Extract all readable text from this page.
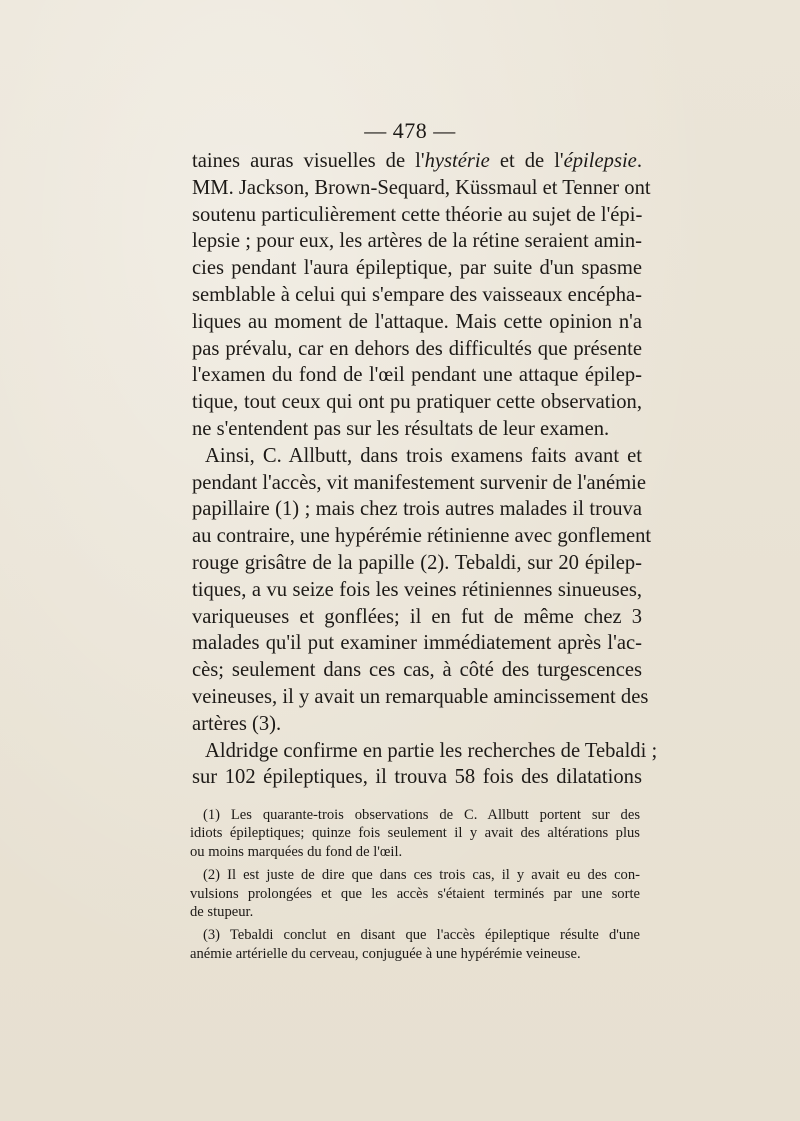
— 478 —
taines auras visuelles de l'hystérie et de l'épilepsie.
MM. Jackson, Brown-Sequard, Küssmaul et Tenner ont
soutenu particulièrement cette théorie au sujet de l'épi-
lepsie ; pour eux, les artères de la rétine seraient amin-
cies pendant l'aura épileptique, par suite d'un spasme
semblable à celui qui s'empare des vaisseaux encépha-
liques au moment de l'attaque. Mais cette opinion n'a
pas prévalu, car en dehors des difficultés que présente
l'examen du fond de l'œil pendant une attaque épilep-
tique, tout ceux qui ont pu pratiquer cette observation,
ne s'entendent pas sur les résultats de leur examen.
Ainsi, C. Allbutt, dans trois examens faits avant et
pendant l'accès, vit manifestement survenir de l'anémie
papillaire (1) ; mais chez trois autres malades il trouva
au contraire, une hypérémie rétinienne avec gonflement
rouge grisâtre de la papille (2). Tebaldi, sur 20 épilep-
tiques, a vu seize fois les veines rétiniennes sinueuses,
variqueuses et gonflées; il en fut de même chez 3
malades qu'il put examiner immédiatement après l'ac-
cès; seulement dans ces cas, à côté des turgescences
veineuses, il y avait un remarquable amincissement des
artères (3).
Aldridge confirme en partie les recherches de Tebaldi ;
sur 102 épileptiques, il trouva 58 fois des dilatations
(1) Les quarante-trois observations de C. Allbutt portent sur des
idiots épileptiques; quinze fois seulement il y avait des altérations plus
ou moins marquées du fond de l'œil.
(2) Il est juste de dire que dans ces trois cas, il y avait eu des con-
vulsions prolongées et que les accès s'étaient terminés par une sorte
de stupeur.
(3) Tebaldi conclut en disant que l'accès épileptique résulte d'une
anémie artérielle du cerveau, conjuguée à une hypérémie veineuse.
